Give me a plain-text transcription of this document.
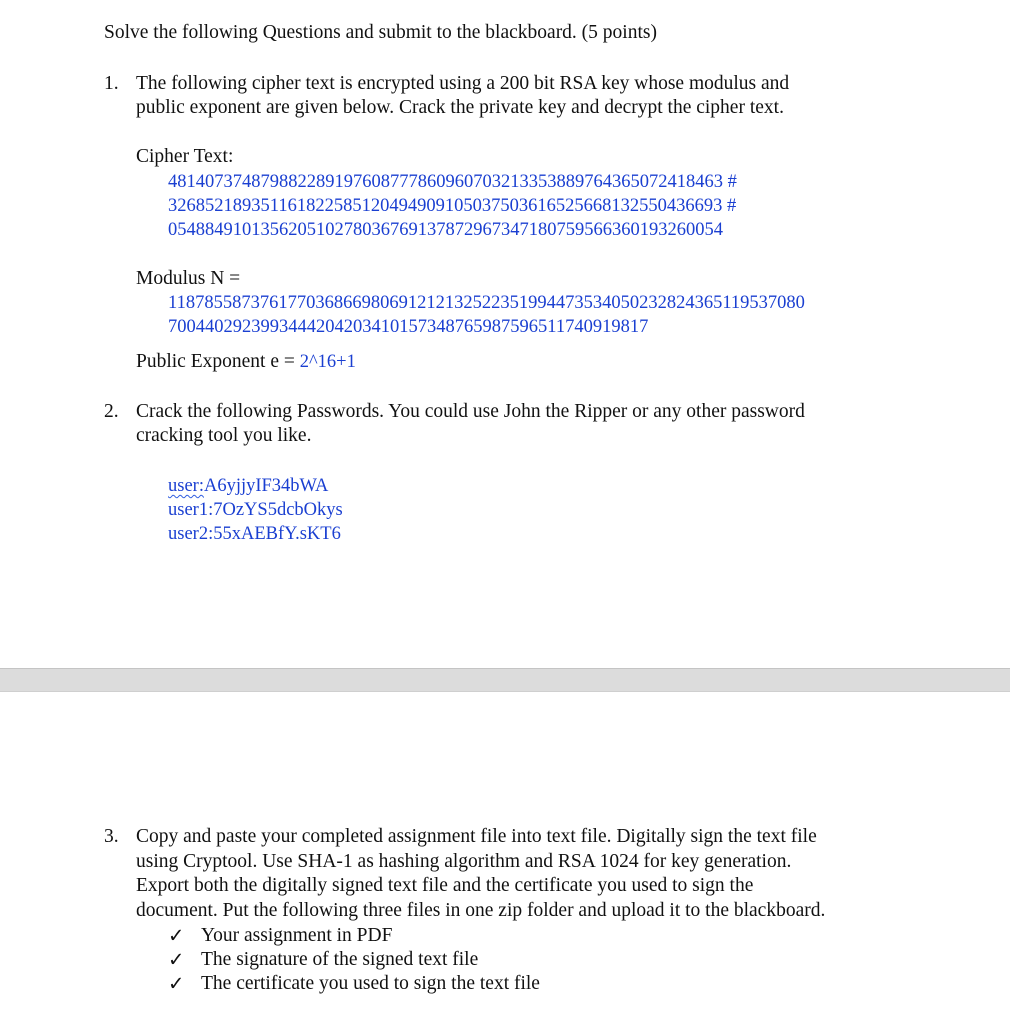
Solve the following Questions and submit to the blackboard. (5 points)
1. The following cipher text is encrypted using a 200 bit RSA key whose modulus and
public exponent are given below. Crack the private key and decrypt the cipher text.
Cipher Text:
481407374879882289197608777860960703213353889764365072418463 #
326852189351161822585120494909105037503616525668132550436693 #
054884910135620510278036769137872967347180759566360193260054
Modulus N =
118785587376177036866980691212132522351994473534050232824365119537080
7004402923993444204203410157348765987596511740919817
Public Exponent e = 2^16+1
2. Crack the following Passwords. You could use John the Ripper or any other password
cracking tool you like.
user:A6yjjyIF34bWA
user1:7OzYS5dcbOkys
user2:55xAEBfY.sKT6
3. Copy and paste your completed assignment file into text file. Digitally sign the text file
using Cryptool. Use SHA-1 as hashing algorithm and RSA 1024 for key generation.
Export both the digitally signed text file and the certificate you used to sign the
document. Put the following three files in one zip folder and upload it to the blackboard.
✓ Your assignment in PDF
✓ The signature of the signed text file
✓ The certificate you used to sign the text file
